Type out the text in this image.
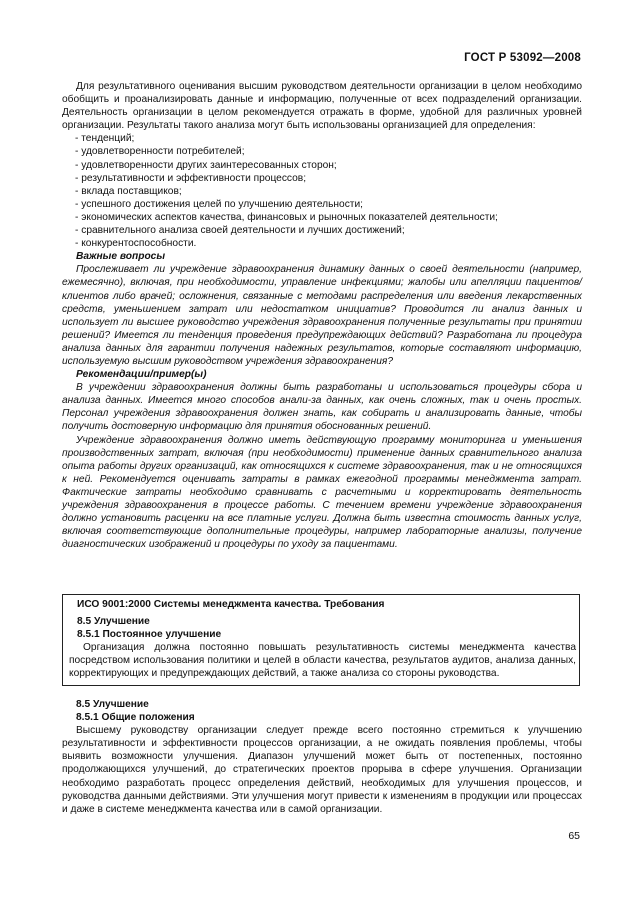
ГОСТ Р 53092—2008

Для результативного оценивания высшим руководством деятельности организации в целом необходимо обобщить и проанализировать данные и информацию, полученные от всех подразделений организации. Деятельность организации в целом рекомендуется отражать в форме, удобной для различных уровней организации. Результаты такого анализа могут быть использованы организацией для определения:

- тенденций;
- удовлетворенности потребителей;
- удовлетворенности других заинтересованных сторон;
- результативности и эффективности процессов;
- вклада поставщиков;
- успешного достижения целей по улучшению деятельности;
- экономических аспектов качества, финансовых и рыночных показателей деятельности;
- сравнительного анализа своей деятельности и лучших достижений;
- конкурентоспособности.

Важные вопросы

Прослеживает ли учреждение здравоохранения динамику данных о своей деятельности (например, ежемесячно), включая, при необходимости, управление инфекциями; жалобы или апелляции пациентов/клиентов либо врачей; осложнения, связанные с методами распределения или введения лекарственных средств, уменьшением затрат или недостатком инициатив? Проводится ли анализ данных и использует ли высшее руководство учреждения здравоохранения полученные результаты при принятии решений? Имеется ли тенденция проведения предупреждающих действий? Разработана ли процедура анализа данных для гарантии получения надежных результатов, которые составляют информацию, используемую высшим руководством учреждения здравоохранения?

Рекомендации/пример(ы)

В учреждении здравоохранения должны быть разработаны и использоваться процедуры сбора и анализа данных. Имеется много способов анали-за данных, как очень сложных, так и очень простых. Персонал учреждения здравоохранения должен знать, как собирать и анализировать данные, чтобы получить достоверную информацию для принятия обоснованных решений.

Учреждение здравоохранения должно иметь действующую программу мониторинга и уменьшения производственных затрат, включая (при необходимости) применение данных сравнительного анализа опыта работы других организаций, как относящихся к системе здравоохранения, так и не относящихся к ней. Рекомендуется оценивать затраты в рамках ежегодной программы менеджмента затрат. Фактические затраты необходимо сравнивать с расчетными и корректировать деятельность учреждения здравоохранения в процессе работы. С течением времени учреждение здравоохранения должно установить расценки на все платные услуги. Должна быть известна стоимость данных услуг, включая соответствующие дополнительные процедуры, например лабораторные анализы, получение диагностических изображений и процедуры по уходу за пациентами.

ИСО 9001:2000 Системы менеджмента качества. Требования

8.5 Улучшение

8.5.1 Постоянное улучшение

Организация должна постоянно повышать результативность системы менеджмента качества посредством использования политики и целей в области качества, результатов аудитов, анализа данных, корректирующих и предупреждающих действий, а также анализа со стороны руководства.

8.5 Улучшение

8.5.1 Общие положения

Высшему руководству организации следует прежде всего постоянно стремиться к улучшению результативности и эффективности процессов организации, а не ожидать появления проблемы, чтобы выявить возможности улучшения. Диапазон улучшений может быть от постепенных, постоянно продолжающихся улучшений, до стратегических проектов прорыва в сфере улучшения. Организации необходимо разработать процесс определения действий, необходимых для улучшения процессов, и руководства данными действиями. Эти улучшения могут привести к изменениям в продукции или процессах и даже в системе менеджмента качества или в самой организации.

65
